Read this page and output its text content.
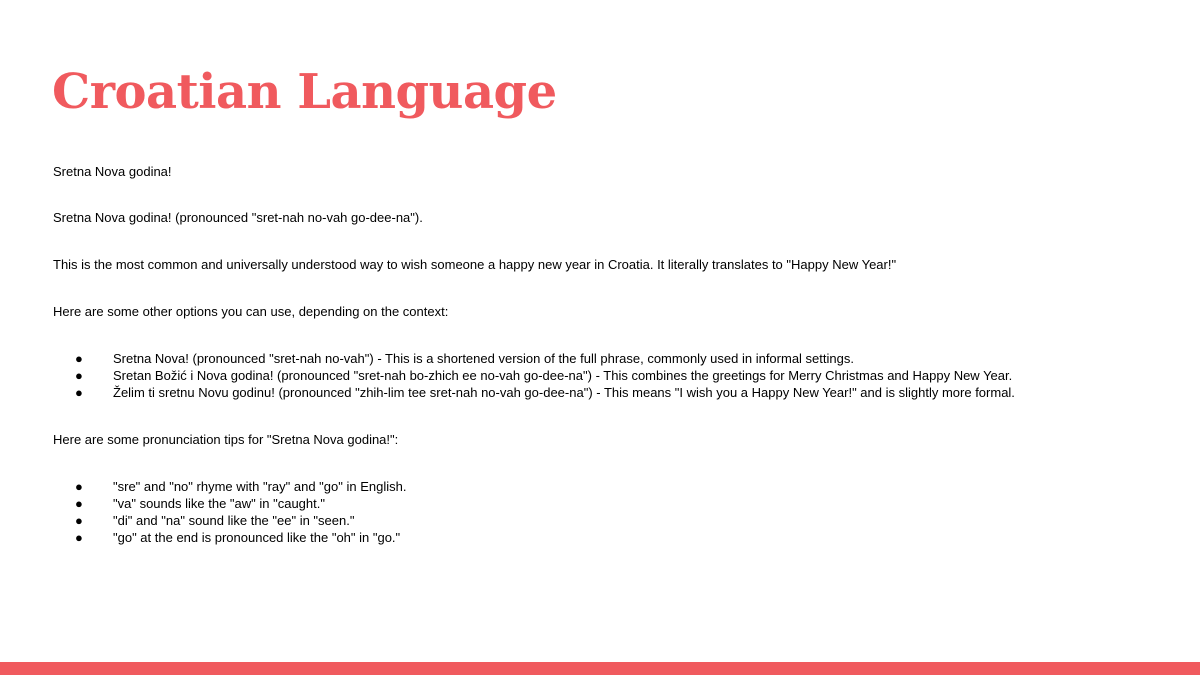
Croatian Language

Sretna Nova godina!

Sretna Nova godina! (pronounced "sret-nah no-vah go-dee-na").

This is the most common and universally understood way to wish someone a happy new year in Croatia. It literally translates to "Happy New Year!"

Here are some other options you can use, depending on the context:

● Sretna Nova! (pronounced "sret-nah no-vah") - This is a shortened version of the full phrase, commonly used in informal settings.
● Sretan Božić i Nova godina! (pronounced "sret-nah bo-zhich ee no-vah go-dee-na") - This combines the greetings for Merry Christmas and Happy New Year.
● Želim ti sretnu Novu godinu! (pronounced "zhih-lim tee sret-nah no-vah go-dee-na") - This means "I wish you a Happy New Year!" and is slightly more formal.

Here are some pronunciation tips for "Sretna Nova godina!":

● "sre" and "no" rhyme with "ray" and "go" in English.
● "va" sounds like the "aw" in "caught."
● "di" and "na" sound like the "ee" in "seen."
● "go" at the end is pronounced like the "oh" in "go."
